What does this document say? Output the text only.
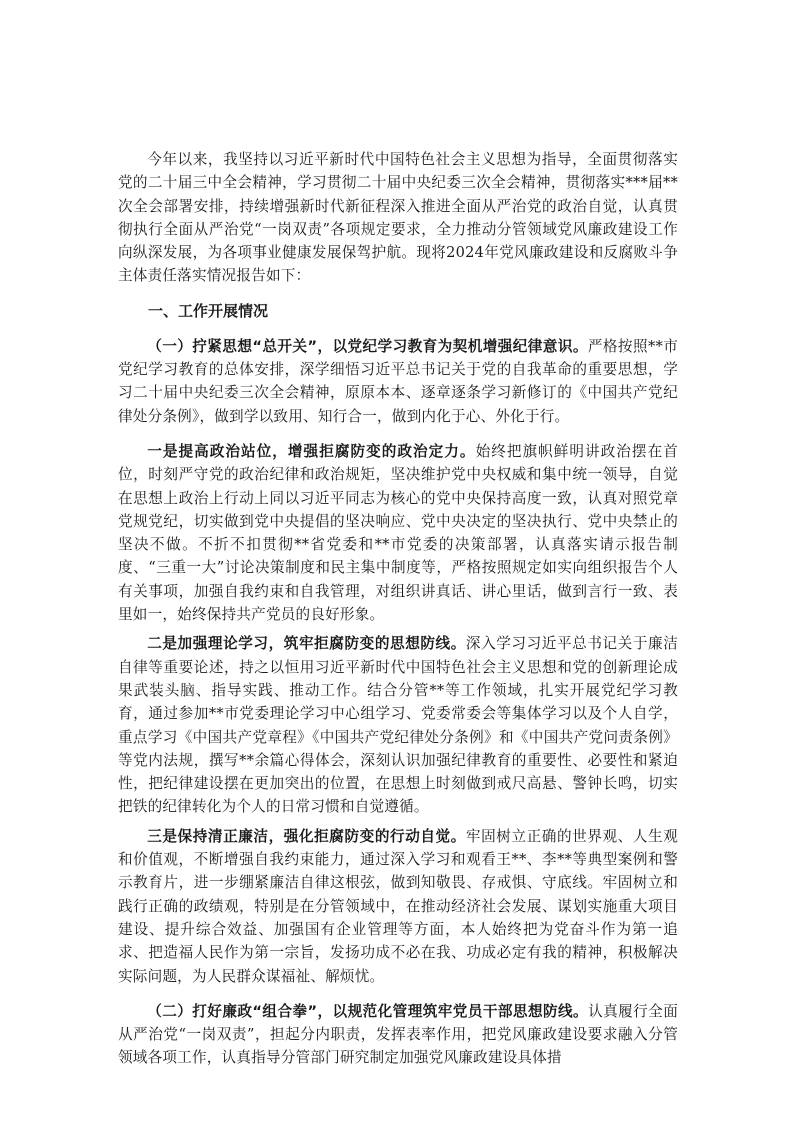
今年以来，我坚持以习近平新时代中国特色社会主义思想为指导，全面贯彻落实党的二十届三中全会精神，学习贯彻二十届中央纪委三次全会精神，贯彻落实***届**次全会部署安排，持续增强新时代新征程深入推进全面从严治党的政治自觉，认真贯彻执行全面从严治党“一岗双责”各项规定要求，全力推动分管领域党风廉政建设工作向纵深发展，为各项事业健康发展保驾护航。现将2024年党风廉政建设和反腐败斗争主体责任落实情况报告如下：

一、工作开展情况

（一）拧紧思想“总开关”，以党纪学习教育为契机增强纪律意识。严格按照**市党纪学习教育的总体安排，深学细悟习近平总书记关于党的自我革命的重要思想，学习二十届中央纪委三次全会精神，原原本本、逐章逐条学习新修订的《中国共产党纪律处分条例》，做到学以致用、知行合一，做到内化于心、外化于行。

一是提高政治站位，增强拒腐防变的政治定力。始终把旗帜鲜明讲政治摆在首位，时刻严守党的政治纪律和政治规矩，坚决维护党中央权威和集中统一领导，自觉在思想上政治上行动上同以习近平同志为核心的党中央保持高度一致，认真对照党章党规党纪，切实做到党中央提倡的坚决响应、党中央决定的坚决执行、党中央禁止的坚决不做。不折不扣贯彻**省党委和**市党委的决策部署，认真落实请示报告制度、“三重一大”讨论决策制度和民主集中制度等，严格按照规定如实向组织报告个人有关事项，加强自我约束和自我管理，对组织讲真话、讲心里话，做到言行一致、表里如一，始终保持共产党员的良好形象。

二是加强理论学习，筑牢拒腐防变的思想防线。深入学习习近平总书记关于廉洁自律等重要论述，持之以恒用习近平新时代中国特色社会主义思想和党的创新理论成果武装头脑、指导实践、推动工作。结合分管**等工作领域，扎实开展党纪学习教育，通过参加**市党委理论学习中心组学习、党委常委会等集体学习以及个人自学，重点学习《中国共产党章程》《中国共产党纪律处分条例》和《中国共产党问责条例》等党内法规，撰写**余篇心得体会，深刻认识加强纪律教育的重要性、必要性和紧迫性，把纪律建设摆在更加突出的位置，在思想上时刻做到戒尺高悬、警钟长鸣，切实把铁的纪律转化为个人的日常习惯和自觉遵循。

三是保持清正廉洁，强化拒腐防变的行动自觉。牢固树立正确的世界观、人生观和价值观，不断增强自我约束能力，通过深入学习和观看王**、李**等典型案例和警示教育片，进一步绷紧廉洁自律这根弦，做到知敬畏、存戒惧、守底线。牢固树立和践行正确的政绩观，特别是在分管领域中，在推动经济社会发展、谋划实施重大项目建设、提升综合效益、加强国有企业管理等方面，本人始终把为党奋斗作为第一追求、把造福人民作为第一宗旨，发扬功成不必在我、功成必定有我的精神，积极解决实际问题，为人民群众谋福祉、解烦忧。

（二）打好廉政“组合拳”，以规范化管理筑牢党员干部思想防线。认真履行全面从严治党“一岗双责”，担起分内职责，发挥表率作用，把党风廉政建设要求融入分管领域各项工作，认真指导分管部门研究制定加强党风廉政建设具体措
